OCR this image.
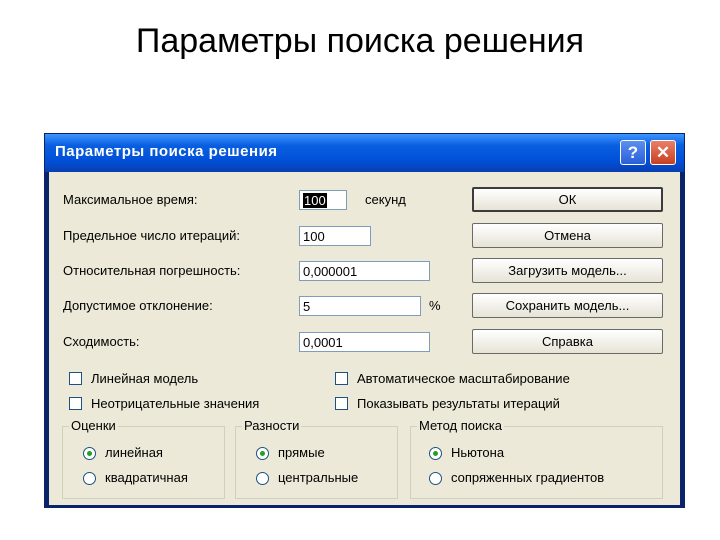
Параметры поиска решения
Параметры поиска решения	?	✕
Максимальное время:	100	секунд
Предельное число итераций:	100
Относительная погрешность:	0,000001
Допустимое отклонение:	5	%
Сходимость:	0,0001
ОК
Отмена
Загрузить модель...
Сохранить модель...
Справка
Линейная модель
Неотрицательные значения
Автоматическое масштабирование
Показывать результаты итераций
Оценки
линейная
квадратичная
Разности
прямые
центральные
Метод поиска
Ньютона
сопряженных градиентов
